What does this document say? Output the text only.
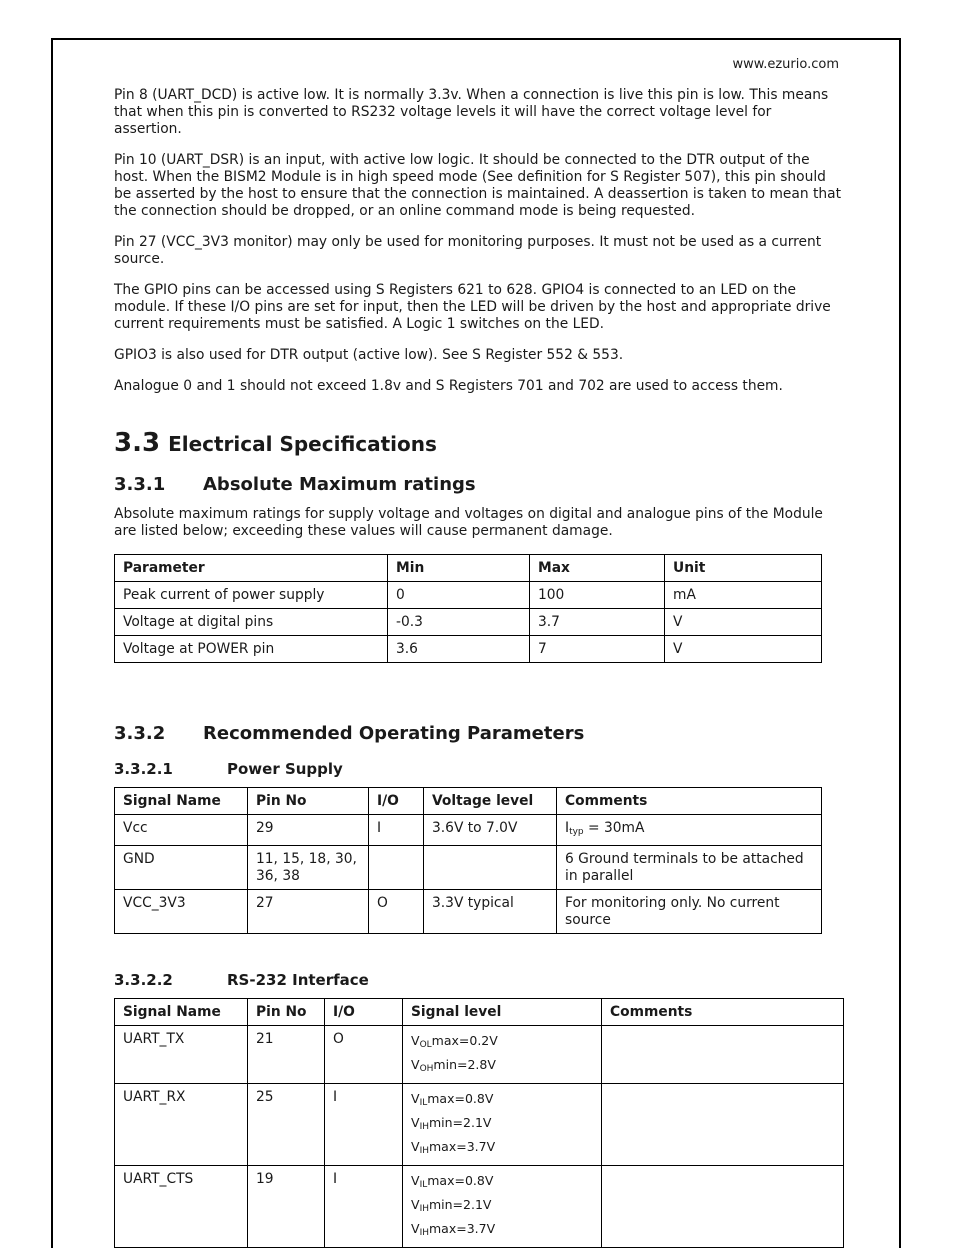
www.ezurio.com

Pin 8 (UART_DCD) is active low. It is normally 3.3v. When a connection is live this pin is low. This means that when this pin is converted to RS232 voltage levels it will have the correct voltage level for assertion.

Pin 10 (UART_DSR) is an input, with active low logic. It should be connected to the DTR output of the host. When the BISM2 Module is in high speed mode (See definition for S Register 507), this pin should be asserted by the host to ensure that the connection is maintained. A deassertion is taken to mean that the connection should be dropped, or an online command mode is being requested.

Pin 27 (VCC_3V3 monitor) may only be used for monitoring purposes. It must not be used as a current source.

The GPIO pins can be accessed using S Registers 621 to 628. GPIO4 is connected to an LED on the module. If these I/O pins are set for input, then the LED will be driven by the host and appropriate drive current requirements must be satisfied. A Logic 1 switches on the LED.

GPIO3 is also used for DTR output (active low). See S Register 552 & 553.

Analogue 0 and 1 should not exceed 1.8v and S Registers 701 and 702 are used to access them.

3.3 Electrical Specifications
3.3.1 Absolute Maximum ratings

Absolute maximum ratings for supply voltage and voltages on digital and analogue pins of the Module are listed below; exceeding these values will cause permanent damage.

Parameter	Min	Max	Unit
Peak current of power supply	0	100	mA
Voltage at digital pins	-0.3	3.7	V
Voltage at POWER pin	3.6	7	V
3.3.2 Recommended Operating Parameters
3.3.2.1	Power Supply
Signal Name	Pin No	I/O	Voltage level	Comments
Vcc	29	I	3.6V to 7.0V	$I_{typ} = 30mA$
GND	11, 15, 18, 30, 36, 38			6 Ground terminals to be attached in parallel
VCC_3V3	27	O	3.3V typical	For monitoring only. No current source
3.3.2.2	RS-232 Interface
Signal Name	Pin No	I/O	Signal level	Comments
UART_TX	21	O	$V_{OL}\max=0.2V$
$V_{OH}\min=2.8V$	

UART_RX	25	I	$V_{IL}\max=0.8V$
$V_{IH}\min=2.1V$
$V_{IH}\max=3.7V$	

UART_CTS	19	I	$V_{IL}\max=0.8V$
$V_{IH}\min=2.1V$
$V_{IH}\max=3.7V$	
